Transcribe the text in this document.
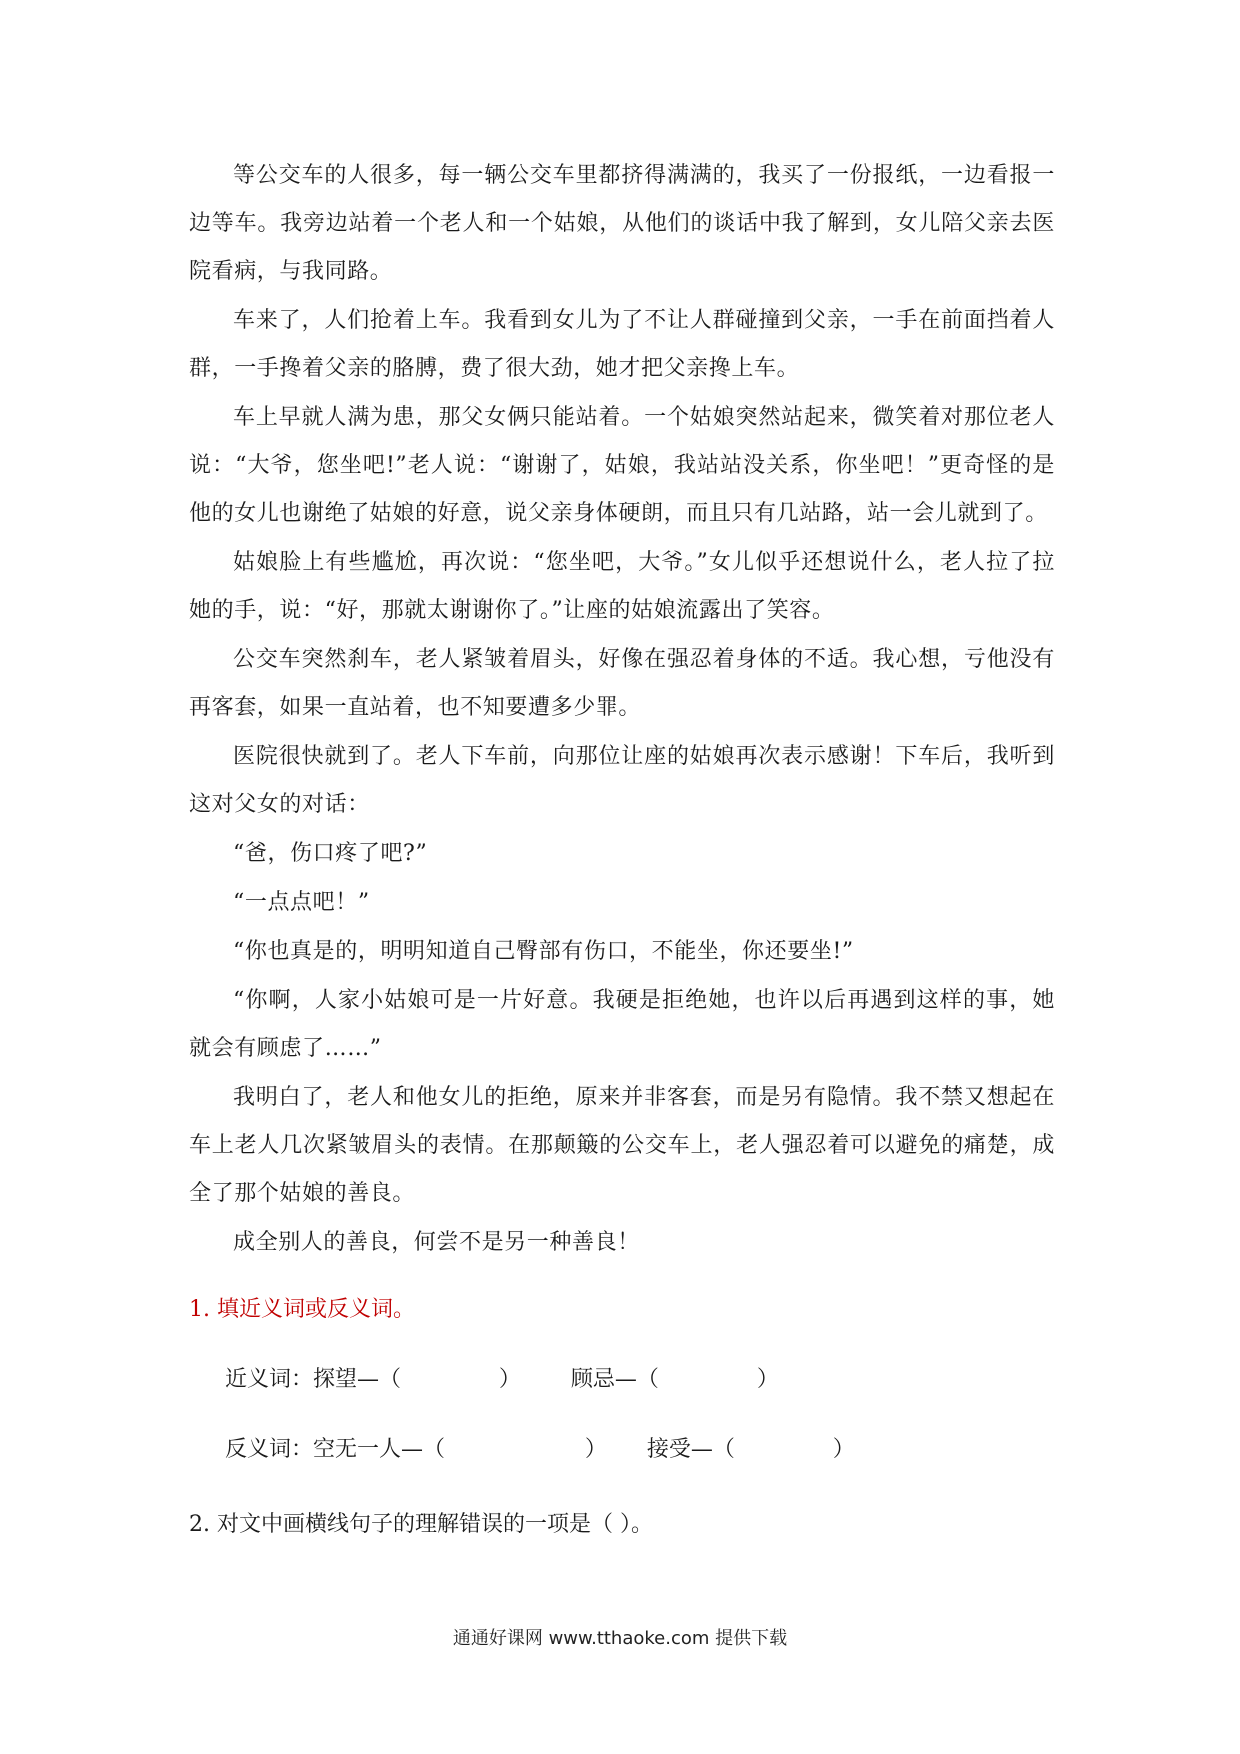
等公交车的人很多，每一辆公交车里都挤得满满的，我买了一份报纸，一边看报一边等车。我旁边站着一个老人和一个姑娘，从他们的谈话中我了解到，女儿陪父亲去医院看病，与我同路。

车来了，人们抢着上车。我看到女儿为了不让人群碰撞到父亲，一手在前面挡着人群，一手搀着父亲的胳膊，费了很大劲，她才把父亲搀上车。

车上早就人满为患，那父女俩只能站着。一个姑娘突然站起来，微笑着对那位老人说：“大爷，您坐吧!”老人说：“谢谢了，姑娘，我站站没关系，你坐吧！”更奇怪的是他的女儿也谢绝了姑娘的好意，说父亲身体硬朗，而且只有几站路，站一会儿就到了。

姑娘脸上有些尴尬，再次说：“您坐吧，大爷。”女儿似乎还想说什么，老人拉了拉她的手，说：“好，那就太谢谢你了。”让座的姑娘流露出了笑容。

公交车突然刹车，老人紧皱着眉头，好像在强忍着身体的不适。我心想，亏他没有再客套，如果一直站着，也不知要遭多少罪。

医院很快就到了。老人下车前，向那位让座的姑娘再次表示感谢！下车后，我听到这对父女的对话：

“爸，伤口疼了吧?”

“一点点吧！”

“你也真是的，明明知道自己臀部有伤口，不能坐，你还要坐!”

“你啊，人家小姑娘可是一片好意。我硬是拒绝她，也许以后再遇到这样的事，她就会有顾虑了……”

我明白了，老人和他女儿的拒绝，原来并非客套，而是另有隐情。我不禁又想起在车上老人几次紧皱眉头的表情。在那颠簸的公交车上，老人强忍着可以避免的痛楚，成全了那个姑娘的善良。

成全别人的善良，何尝不是另一种善良！

1. 填近义词或反义词。

近义词： 探望—（              ） 顾忌—（              ）
反义词： 空无一人—（                    ） 接受—（              ）

2. 对文中画横线句子的理解错误的一项是（ ）。

通通好课网 www.tthaoke.com 提供下载
